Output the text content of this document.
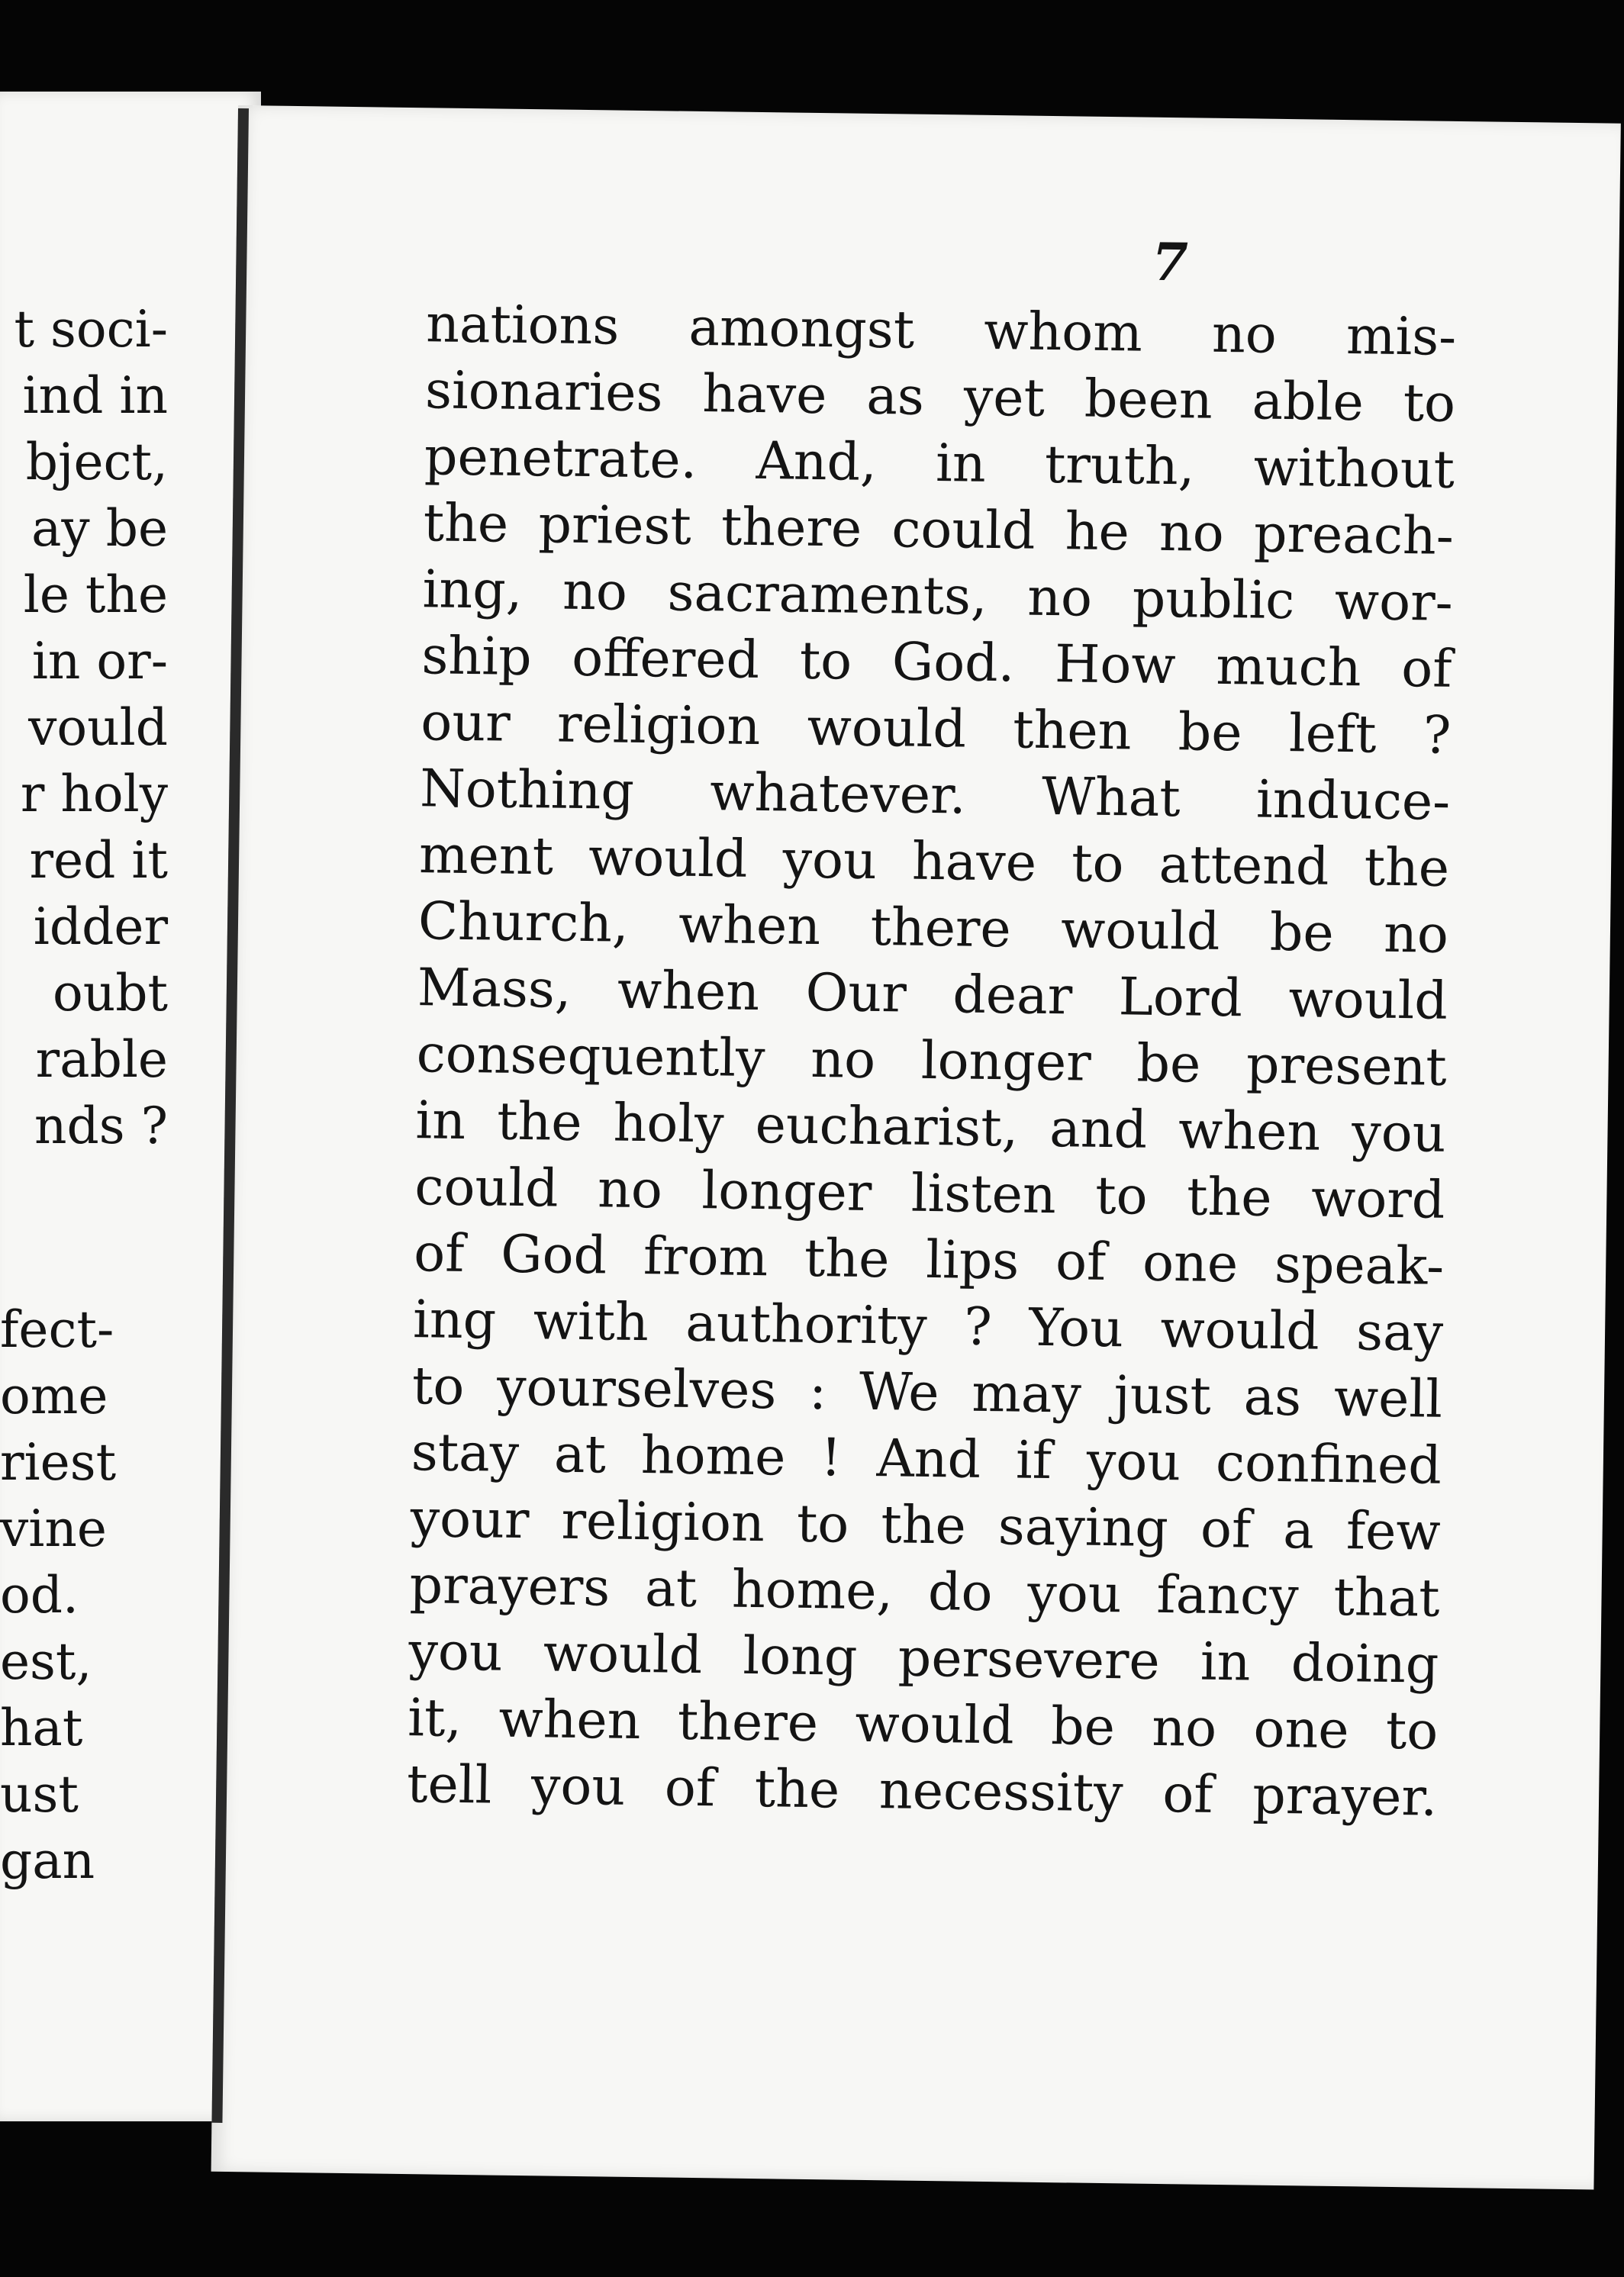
t soci-
ind in
bject,
ay be
le the
in or-
vould
r holy
red it
idder
oubt
rable
nds ?
fect-
ome
riest
vine
od.
est,
hat
ust
gan

7

nations amongst whom no mis-
sionaries have as yet been able to
penetrate. And, in truth, without
the priest there could he no preach-
ing, no sacraments, no public wor-
ship offered to God. How much of
our religion would then be left ?
Nothing whatever. What induce-
ment would you have to attend the
Church, when there would be no
Mass, when Our dear Lord would
consequently no longer be present
in the holy eucharist, and when you
could no longer listen to the word
of God from the lips of one speak-
ing with authority ? You would say
to yourselves : We may just as well
stay at home ! And if you confined
your religion to the saying of a few
prayers at home, do you fancy that
you would long persevere in doing
it, when there would be no one to
tell you of the necessity of prayer.
